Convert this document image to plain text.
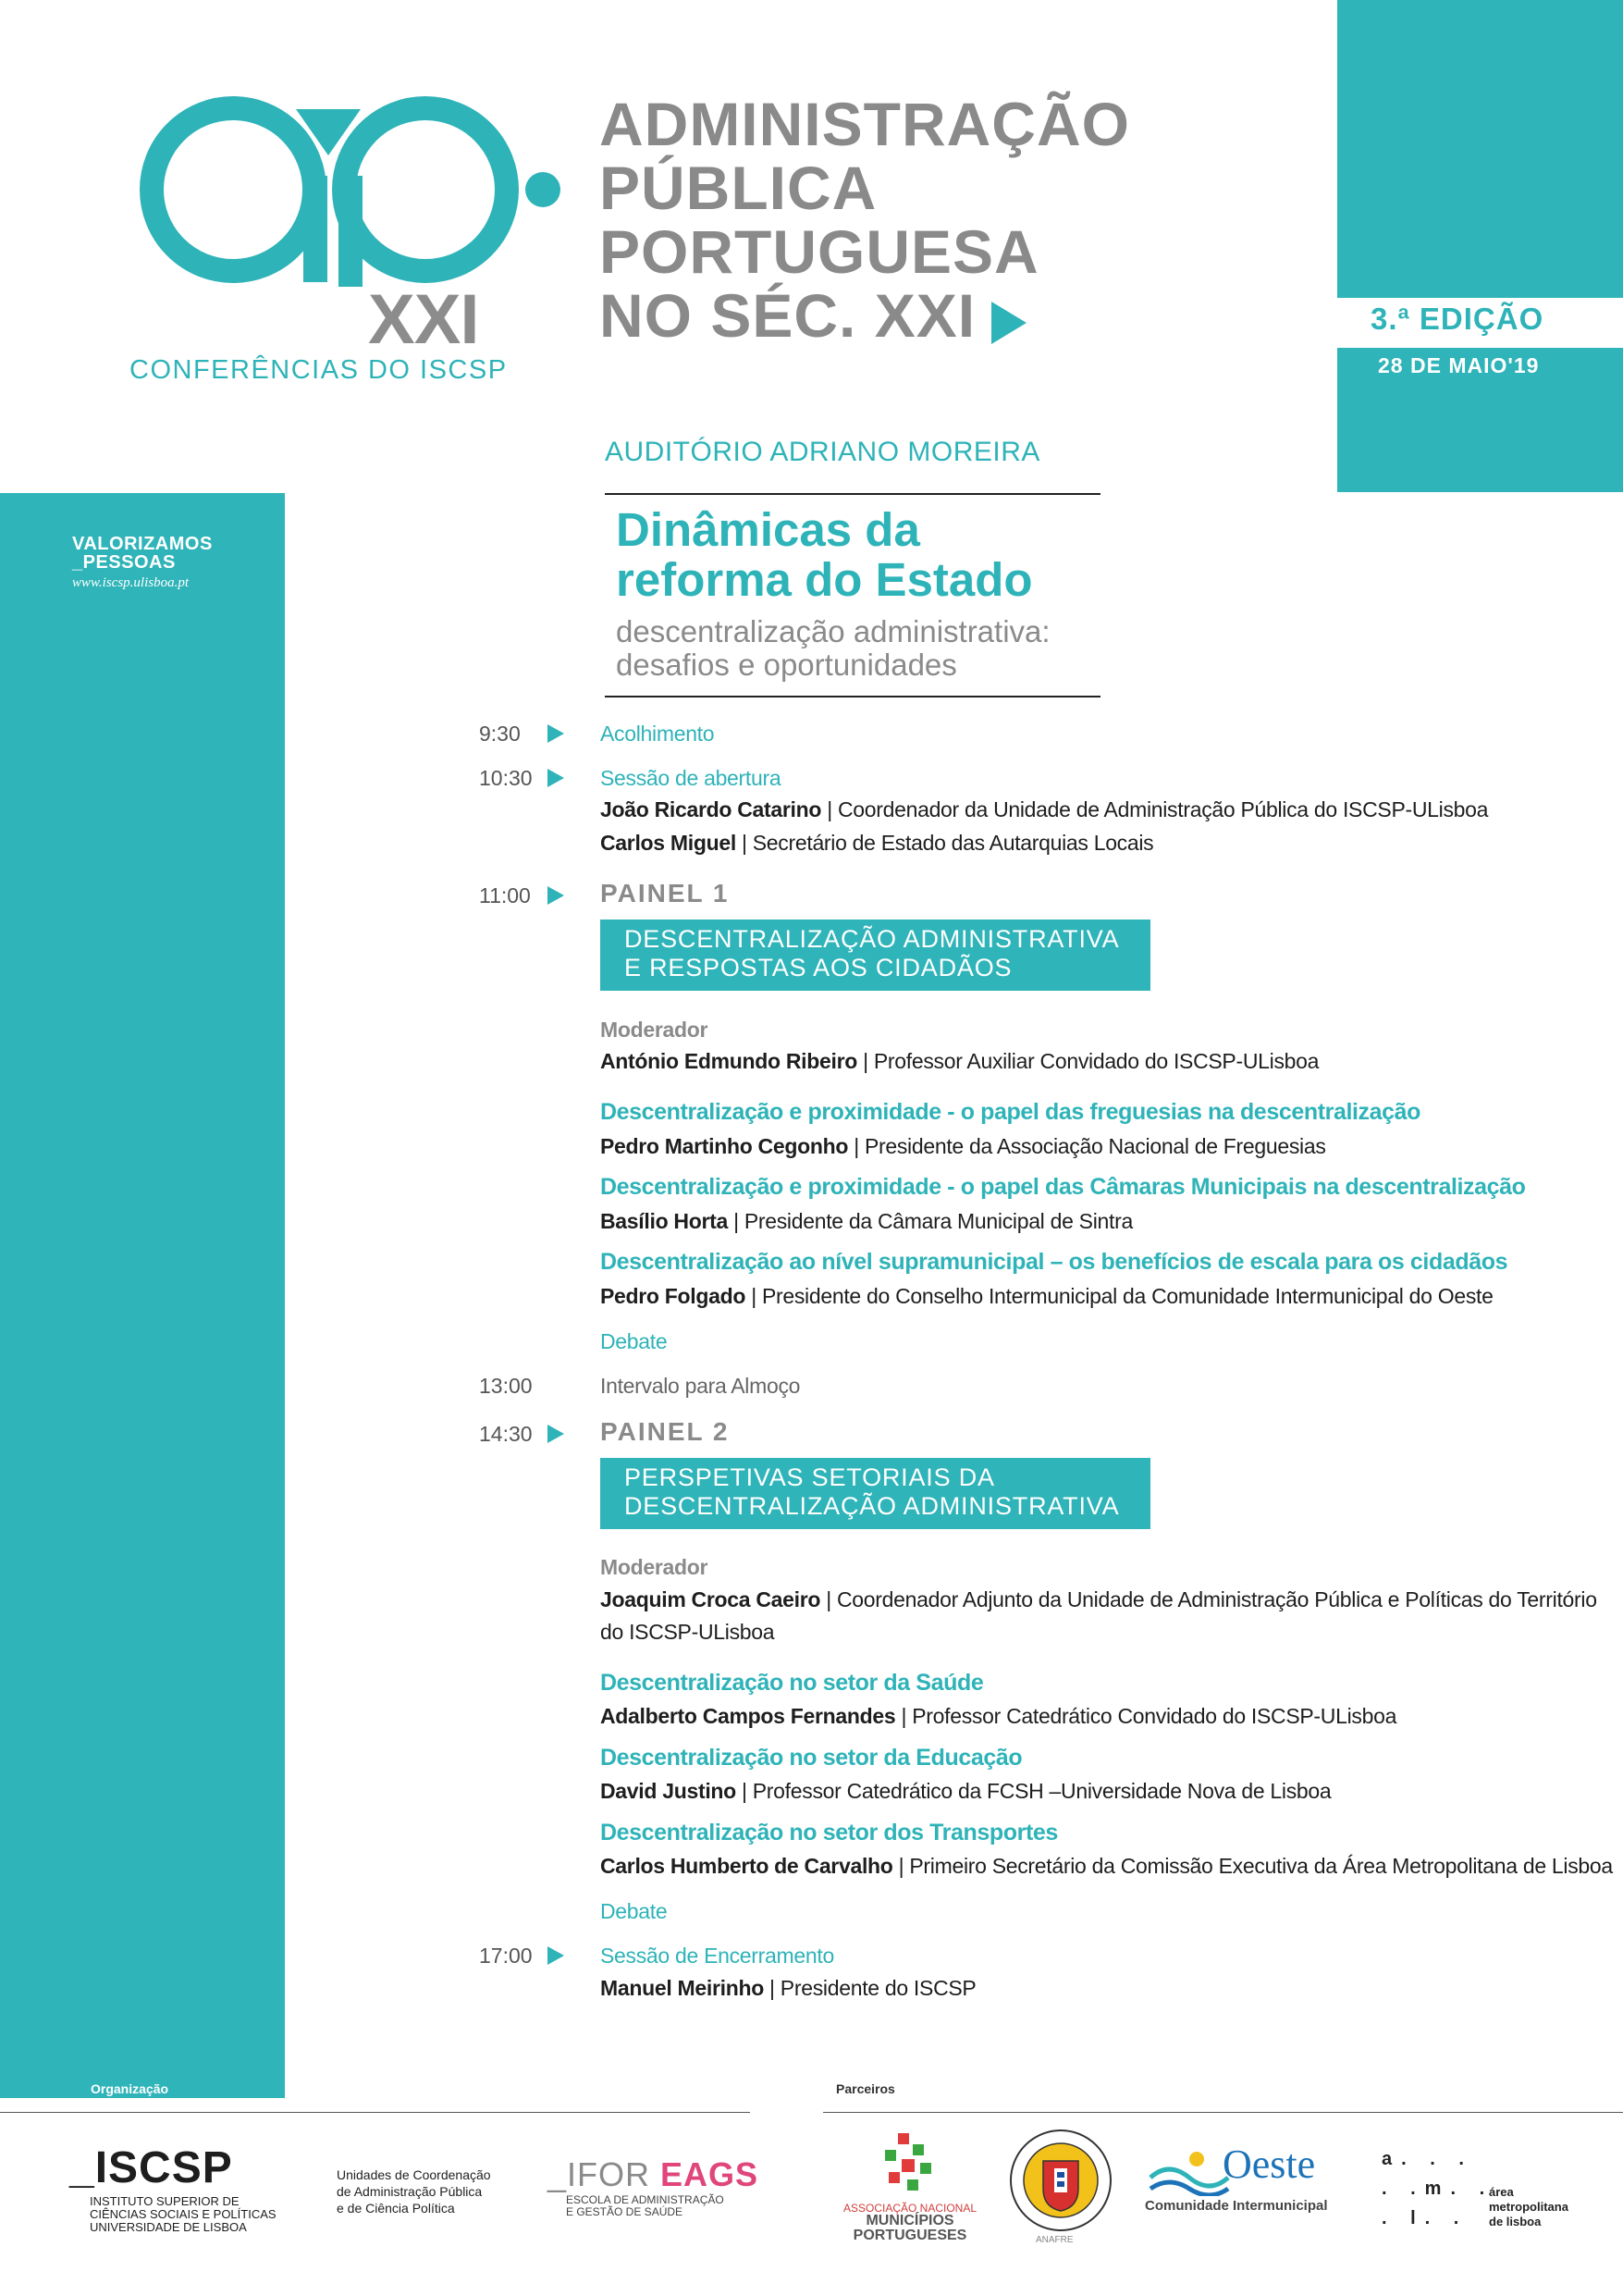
3.ª EDIÇÃO
28 DE MAIO'19
XXI
CONFERÊNCIAS DO ISCSP
ADMINISTRAÇÃO
PÚBLICA
PORTUGUESA
NO SÉC. XXI
VALORIZAMOS
_PESSOAS
www.iscsp.ulisboa.pt
AUDITÓRIO ADRIANO MOREIRA
Dinâmicas da
reforma do Estado
descentralização administrativa:
desafios e oportunidades
9:30	Acolhimento
10:30	Sessão de abertura
João Ricardo Catarino | Coordenador da Unidade de Administração Pública do ISCSP-ULisboa
Carlos Miguel | Secretário de Estado das Autarquias Locais
11:00	PAINEL 1
DESCENTRALIZAÇÃO ADMINISTRATIVA
E RESPOSTAS AOS CIDADÃOS
Moderador
António Edmundo Ribeiro | Professor Auxiliar Convidado do ISCSP-ULisboa
Descentralização e proximidade - o papel das freguesias na descentralização
Pedro Martinho Cegonho | Presidente da Associação Nacional de Freguesias
Descentralização e proximidade - o papel das Câmaras Municipais na descentralização
Basílio Horta | Presidente da Câmara Municipal de Sintra
Descentralização ao nível supramunicipal – os benefícios de escala para os cidadãos
Pedro Folgado | Presidente do Conselho Intermunicipal da Comunidade Intermunicipal do Oeste
Debate
13:00	Intervalo para Almoço
14:30	PAINEL 2
PERSPETIVAS SETORIAIS DA
DESCENTRALIZAÇÃO ADMINISTRATIVA
Moderador
Joaquim Croca Caeiro | Coordenador Adjunto da Unidade de Administração Pública e Políticas do Território
do ISCSP-ULisboa
Descentralização no setor da Saúde
Adalberto Campos Fernandes | Professor Catedrático Convidado do ISCSP-ULisboa
Descentralização no setor da Educação
David Justino | Professor Catedrático da FCSH –Universidade Nova de Lisboa
Descentralização no setor dos Transportes
Carlos Humberto de Carvalho | Primeiro Secretário da Comissão Executiva da Área Metropolitana de Lisboa
Debate
17:00	Sessão de Encerramento
Manuel Meirinho | Presidente do ISCSP
Organização	Parceiros
_ISCSP
INSTITUTO SUPERIOR DE
CIÊNCIAS SOCIAIS E POLÍTICAS
UNIVERSIDADE DE LISBOA
Unidades de Coordenação
de Administração Pública
e de Ciência Política
_IFOR EAGS
ESCOLA DE ADMINISTRAÇÃO
E GESTÃO DE SAÚDE	ASSOCIAÇÃO NACIONAL
MUNICÍPIOS
PORTUGUESES	ANAFRE
Oeste
Comunidade Intermunicipal
a. . .
. .m. .
. l. .
área
metropolitana
de lisboa
